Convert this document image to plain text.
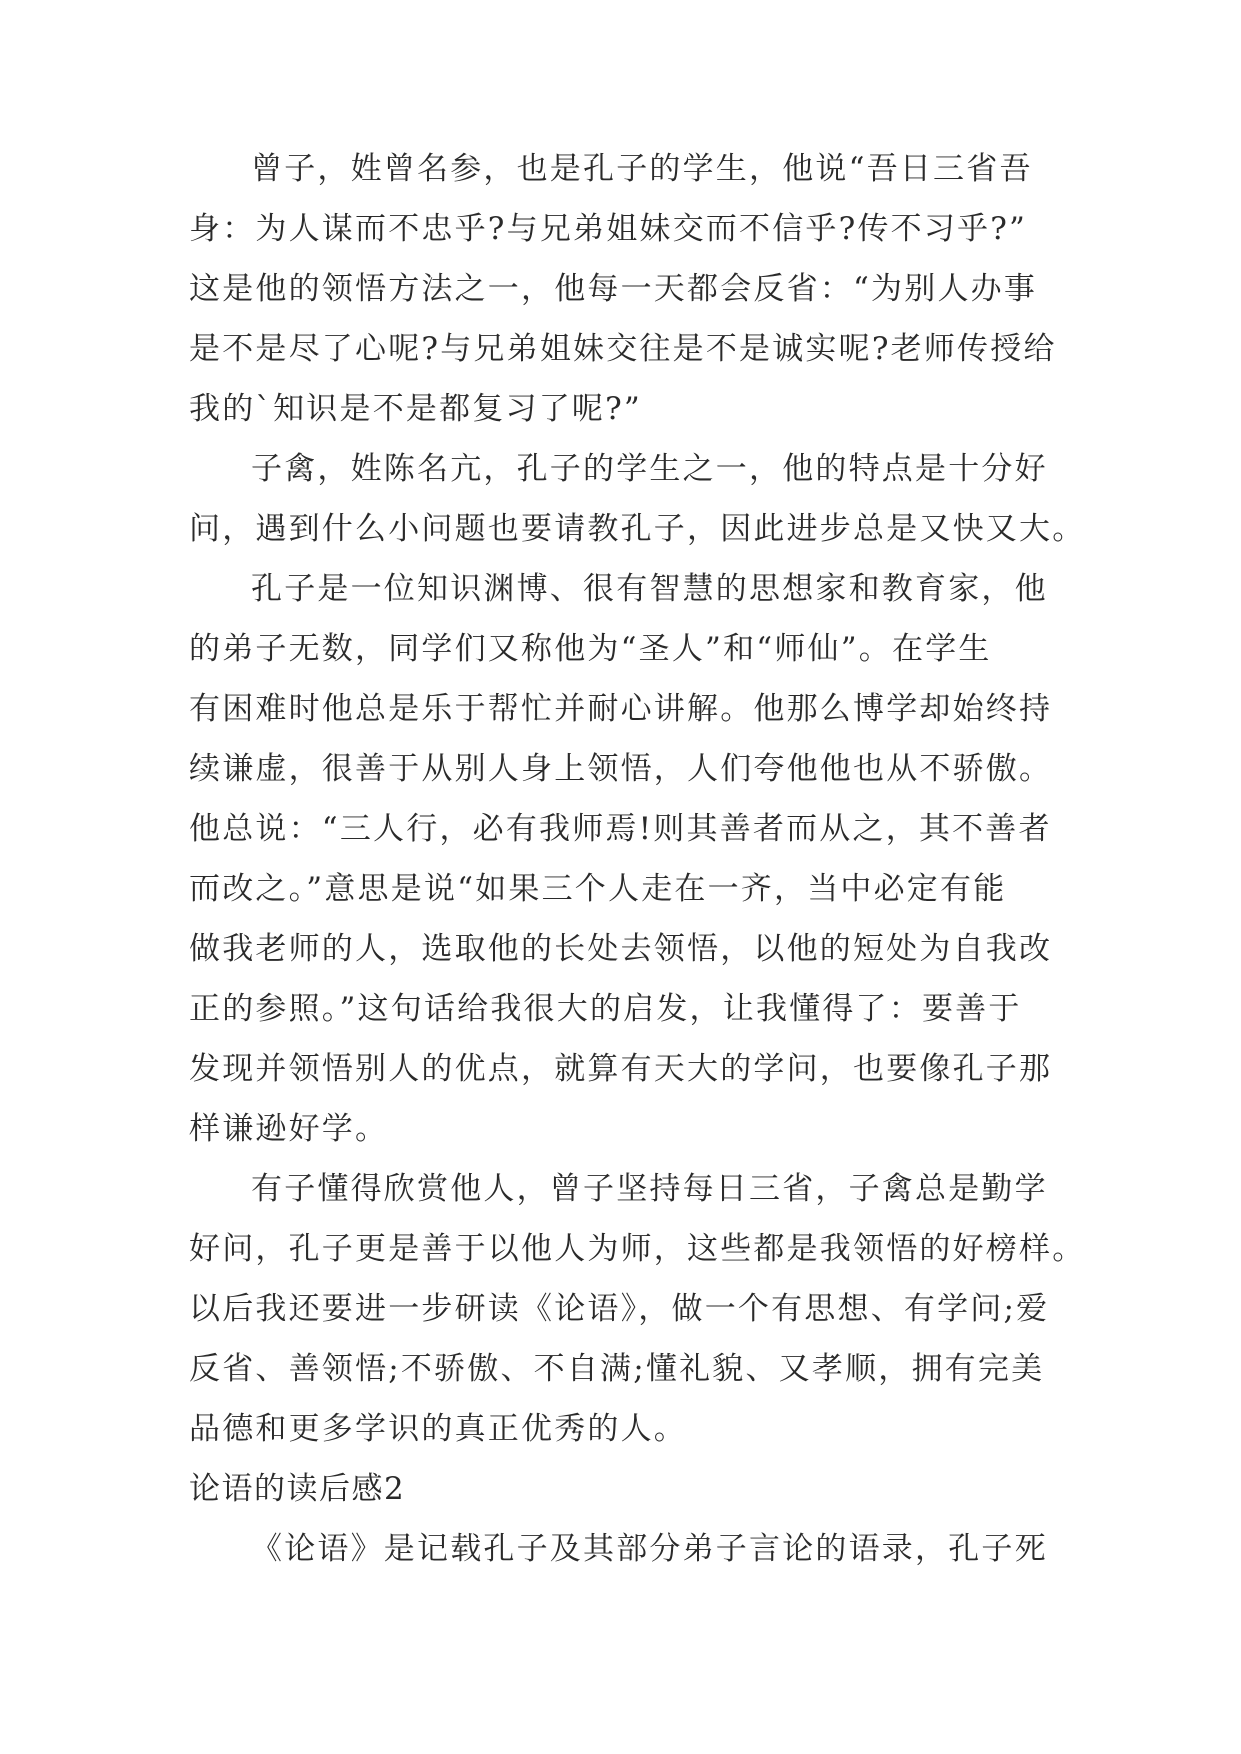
曾子，姓曾名参，也是孔子的学生，他说“吾日三省吾
身：为人谋而不忠乎?与兄弟姐妹交而不信乎?传不习乎?”
这是他的领悟方法之一，他每一天都会反省：“为别人办事
是不是尽了心呢?与兄弟姐妹交往是不是诚实呢?老师传授给
我的`知识是不是都复习了呢?”
子禽，姓陈名亢，孔子的学生之一，他的特点是十分好
问，遇到什么小问题也要请教孔子，因此进步总是又快又大。
孔子是一位知识渊博、很有智慧的思想家和教育家，他
的弟子无数，同学们又称他为“圣人”和“师仙”。在学生
有困难时他总是乐于帮忙并耐心讲解。他那么博学却始终持
续谦虚，很善于从别人身上领悟，人们夸他他也从不骄傲。
他总说：“三人行，必有我师焉!则其善者而从之，其不善者
而改之。”意思是说“如果三个人走在一齐，当中必定有能
做我老师的人，选取他的长处去领悟，以他的短处为自我改
正的参照。”这句话给我很大的启发，让我懂得了：要善于
发现并领悟别人的优点，就算有天大的学问，也要像孔子那
样谦逊好学。
有子懂得欣赏他人，曾子坚持每日三省，子禽总是勤学
好问，孔子更是善于以他人为师，这些都是我领悟的好榜样。
以后我还要进一步研读《论语》，做一个有思想、有学问;爱
反省、善领悟;不骄傲、不自满;懂礼貌、又孝顺，拥有完美
品德和更多学识的真正优秀的人。
论语的读后感2
《论语》是记载孔子及其部分弟子言论的语录，孔子死
